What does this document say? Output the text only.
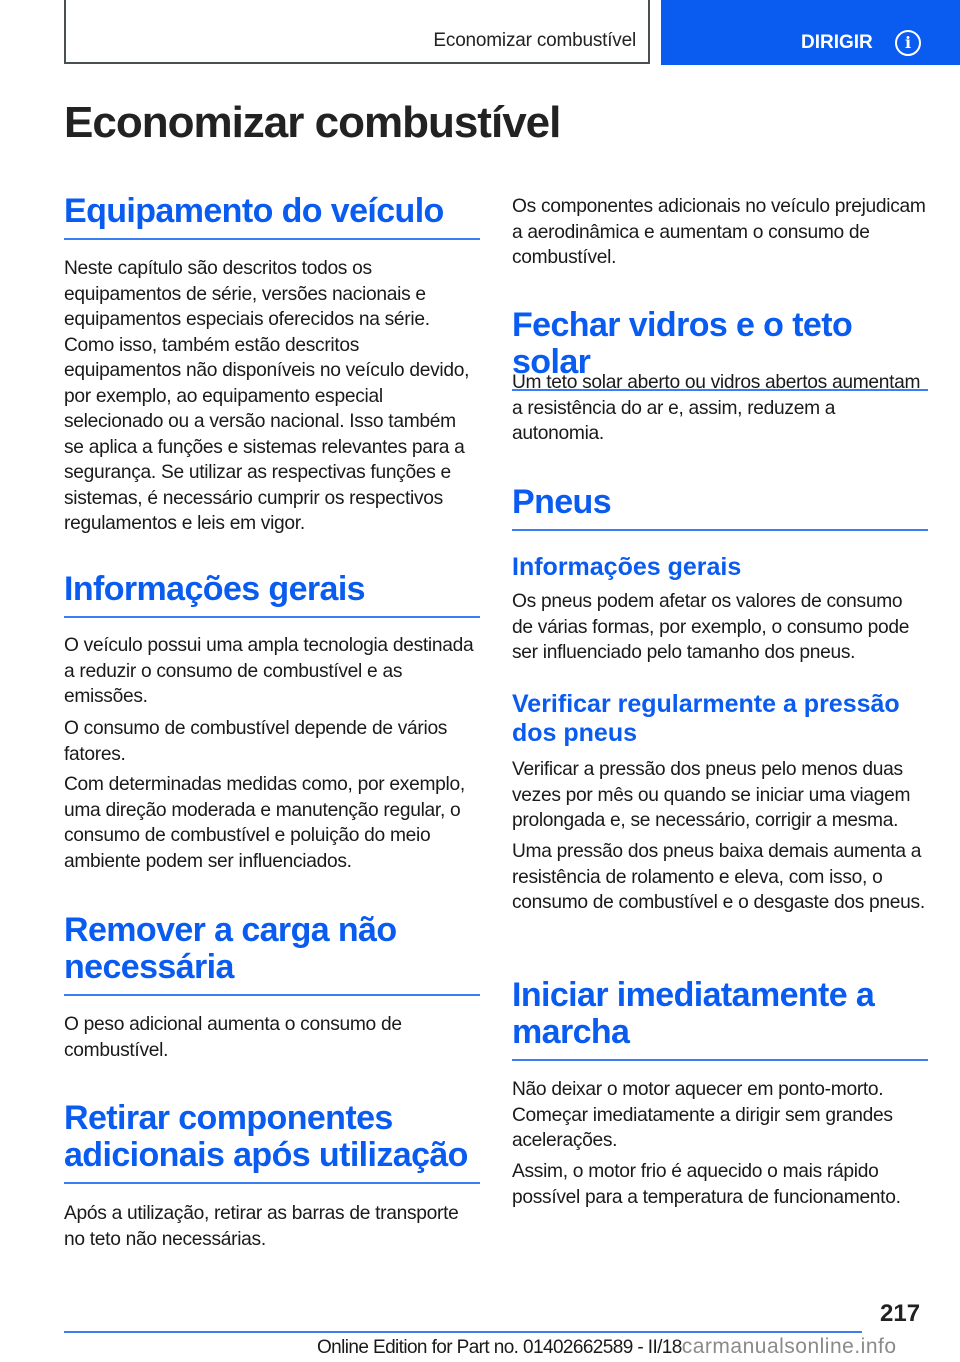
Economizar combustível	DIRIGIR	i
Economizar combustível
Equipamento do veículo

Neste capítulo são descritos todos os equipamentos de série, versões nacionais e equipamentos especiais oferecidos na série. Como isso, também estão descritos equipamentos não disponíveis no veículo devido, por exemplo, ao equipamento especial selecionado ou a versão nacional. Isso também se aplica a funções e sistemas relevantes para a segurança. Se utilizar as respectivas funções e sistemas, é necessário cumprir os respectivos regulamentos e leis em vigor.

Informações gerais

O veículo possui uma ampla tecnologia destinada a reduzir o consumo de combustível e as emissões.

O consumo de combustível depende de vários fatores.

Com determinadas medidas como, por exemplo, uma direção moderada e manutenção regular, o consumo de combustível e poluição do meio ambiente podem ser influenciados.

Remover a carga não necessária

O peso adicional aumenta o consumo de combustível.

Retirar componentes adicionais após utilização

Após a utilização, retirar as barras de transporte no teto não necessárias.

Os componentes adicionais no veículo prejudicam a aerodinâmica e aumentam o consumo de combustível.

Fechar vidros e o teto solar

Um teto solar aberto ou vidros abertos aumentam a resistência do ar e, assim, reduzem a autonomia.

Pneus
Informações gerais

Os pneus podem afetar os valores de consumo de várias formas, por exemplo, o consumo pode ser influenciado pelo tamanho dos pneus.

Verificar regularmente a pressão dos pneus

Verificar a pressão dos pneus pelo menos duas vezes por mês ou quando se iniciar uma viagem prolongada e, se necessário, corrigir a mesma.

Uma pressão dos pneus baixa demais aumenta a resistência de rolamento e eleva, com isso, o consumo de combustível e o desgaste dos pneus.

Iniciar imediatamente a marcha

Não deixar o motor aquecer em ponto-morto. Começar imediatamente a dirigir sem grandes acelerações.

Assim, o motor frio é aquecido o mais rápido possível para a temperatura de funcionamento.

217
Online Edition for Part no. 01402662589 - II/18carmanualsonline.info
